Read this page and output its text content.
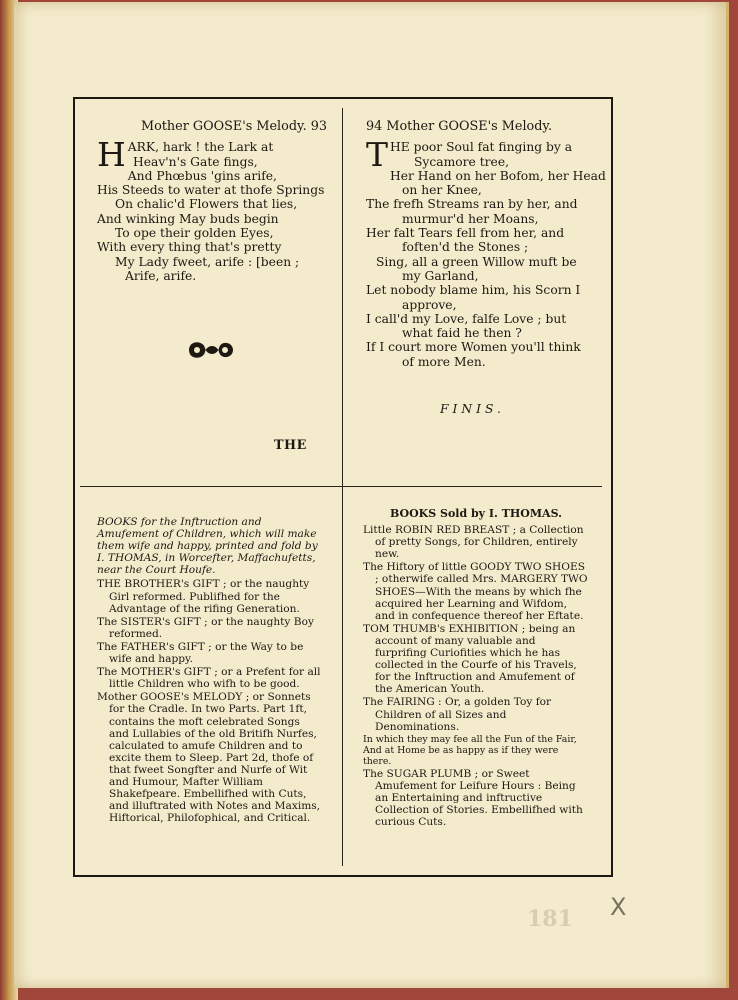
Mother GOOSE's Melody. 93
H ARK, hark ! the Lark at
Heav'n's Gate fings,
And Phœbus 'gins arife,
His Steeds to water at thofe Springs
On chalic'd Flowers that lies,
And winking May buds begin
To ope their golden Eyes,
With every thing that's pretty
My Lady fweet, arife : [been ;
Arife, arife.
THE
94 Mother GOOSE's Melody.
T HE poor Soul fat finging by a
Sycamore tree,
Her Hand on her Bofom, her Head
on her Knee,
The frefh Streams ran by her, and
murmur'd her Moans,
Her falt Tears fell from her, and
foften'd the Stones ;
Sing, all a green Willow muft be
my Garland,
Let nobody blame him, his Scorn I
approve,
I call'd my Love, falfe Love ; but
what faid he then ?
If I court more Women you'll think
of more Men.
FINIS.

BOOKS for the Inftruction and Amufement of Children, which will make them wife and happy, printed and fold by I. THOMAS, in Worcefter, Maffachufetts, near the Court Houfe.

THE BROTHER's GIFT ; or the naughty Girl reformed. Publifhed for the Advantage of the rifing Generation.

The SISTER's GIFT ; or the naughty Boy reformed.

The FATHER's GIFT ; or the Way to be wife and happy.

The MOTHER's GIFT ; or a Prefent for all little Children who wifh to be good.

Mother GOOSE's MELODY ; or Sonnets for the Cradle. In two Parts. Part 1ft, contains the moft celebrated Songs and Lullabies of the old Britifh Nurfes, calculated to amufe Children and to excite them to Sleep. Part 2d, thofe of that fweet Songfter and Nurfe of Wit and Humour, Mafter William Shakefpeare. Embellifhed with Cuts, and illuftrated with Notes and Maxims, Hiftorical, Philofophical, and Critical.

BOOKS Sold by I. THOMAS.

Little ROBIN RED BREAST ; a Collection of pretty Songs, for Children, entirely new.

The Hiftory of little GOODY TWO SHOES ; otherwife called Mrs. MARGERY TWO SHOES—With the means by which fhe acquired her Learning and Wifdom, and in confequence thereof her Eftate.

TOM THUMB's EXHIBITION ; being an account of many valuable and furprifing Curiofities which he has collected in the Courfe of his Travels, for the Inftruction and Amufement of the American Youth.

The FAIRING : Or, a golden Toy for Children of all Sizes and Denominations.

In which they may fee all the Fun of the Fair, And at Home be as happy as if they were there.

The SUGAR PLUMB ; or Sweet Amufement for Leifure Hours : Being an Entertaining and inftructive Collection of Stories. Embellifhed with curious Cuts.

181 X
